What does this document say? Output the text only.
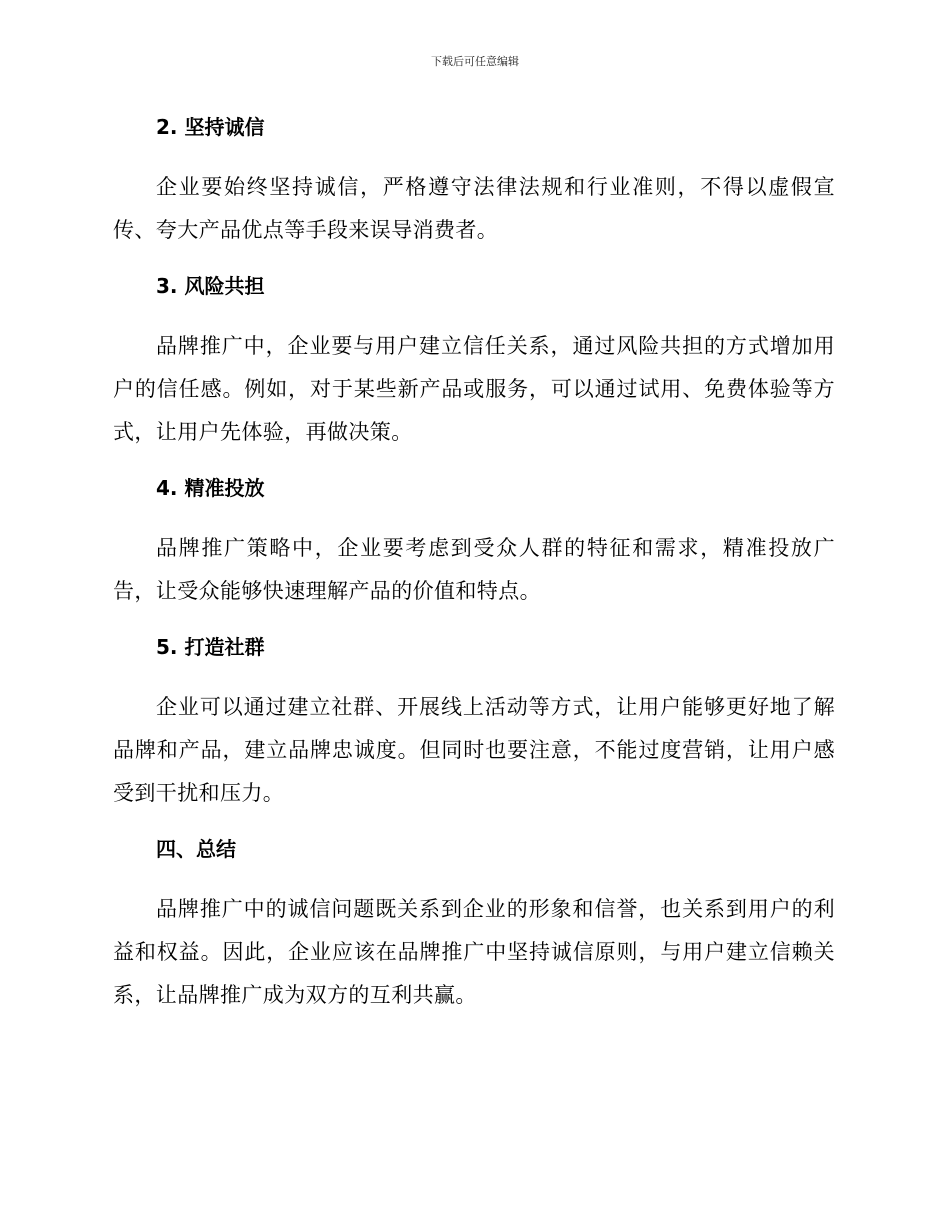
下载后可任意编辑
2. 坚持诚信

企业要始终坚持诚信，严格遵守法律法规和行业准则，不得以虚假宣传、夸大产品优点等手段来误导消费者。

3. 风险共担

品牌推广中，企业要与用户建立信任关系，通过风险共担的方式增加用户的信任感。例如，对于某些新产品或服务，可以通过试用、免费体验等方式，让用户先体验，再做决策。

4. 精准投放

品牌推广策略中，企业要考虑到受众人群的特征和需求，精准投放广告，让受众能够快速理解产品的价值和特点。

5. 打造社群

企业可以通过建立社群、开展线上活动等方式，让用户能够更好地了解品牌和产品，建立品牌忠诚度。但同时也要注意，不能过度营销，让用户感受到干扰和压力。

四、总结

品牌推广中的诚信问题既关系到企业的形象和信誉，也关系到用户的利益和权益。因此，企业应该在品牌推广中坚持诚信原则，与用户建立信赖关系，让品牌推广成为双方的互利共赢。
